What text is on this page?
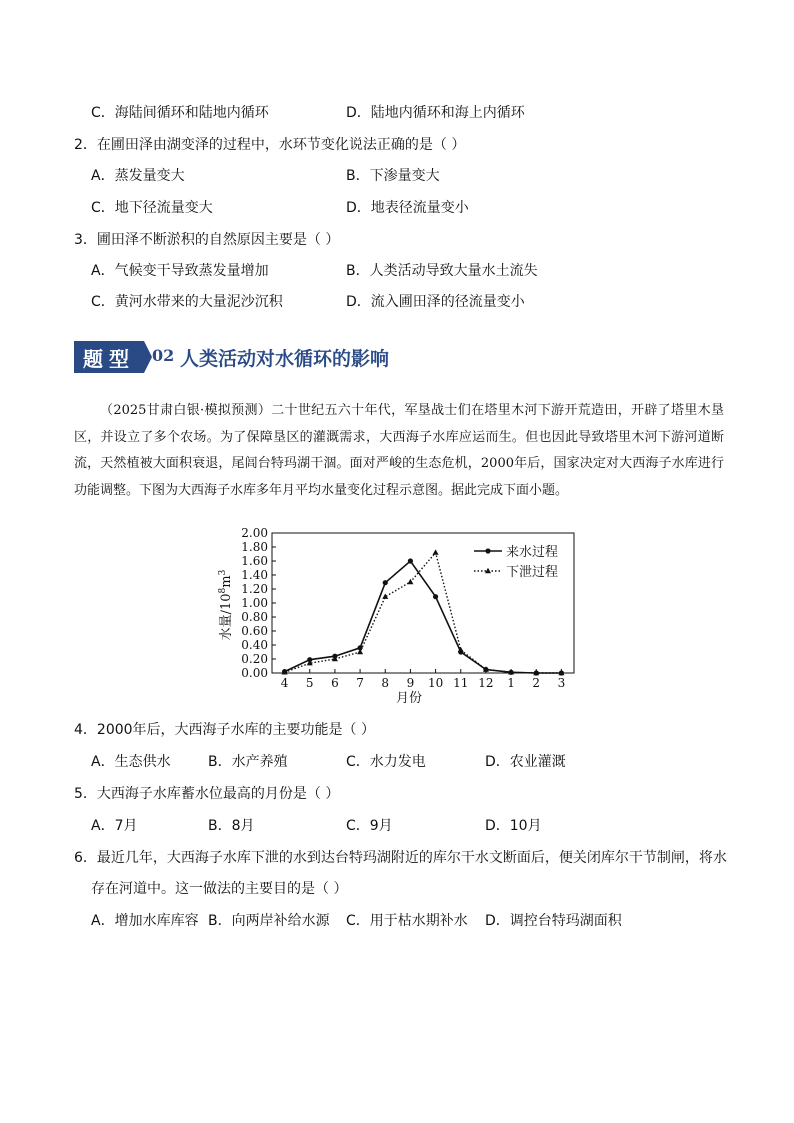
C．海陆间循环和陆地内循环	D．陆地内循环和海上内循环
2．在圃田泽由湖变泽的过程中，水环节变化说法正确的是（ ）
A．蒸发量变大	B．下渗量变大
C．地下径流量变大	D．地表径流量变小
3．圃田泽不断淤积的自然原因主要是（ ）
A．气候变干导致蒸发量增加	B．人类活动导致大量水土流失
C．黄河水带来的大量泥沙沉积	D．流入圃田泽的径流量变小
题型	02 人类活动对水循环的影响
（2025甘肃白银·模拟预测）二十世纪五六十年代，军垦战士们在塔里木河下游开荒造田，开辟了塔里木垦区，并设立了多个农场。为了保障垦区的灌溉需求，大西海子水库应运而生。但也因此导致塔里木河下游河道断流，天然植被大面积衰退，尾闾台特玛湖干涸。面对严峻的生态危机，2000年后，国家决定对大西海子水库进行功能调整。下图为大西海子水库多年月平均水量变化过程示意图。据此完成下面小题。
0.00
0.20
0.40
0.60
0.80
1.00
1.20
1.40
1.60
1.80
2.00
4 5 6 7 8 9 10 11 12 1 2 3
月份
水量$/10^8m^3$
来水过程
下泄过程
4．2000年后，大西海子水库的主要功能是（ ）
A．生态供水	B．水产养殖	C．水力发电	D．农业灌溉
5．大西海子水库蓄水位最高的月份是（ ）
A．7月	B．8月	C．9月	D．10月
6．最近几年，大西海子水库下泄的水到达台特玛湖附近的库尔干水文断面后，便关闭库尔干节制闸，将水
存在河道中。这一做法的主要目的是（ ）
A．增加水库库容 B．向两岸补给水源 C．用于枯水期补水 D．调控台特玛湖面积
